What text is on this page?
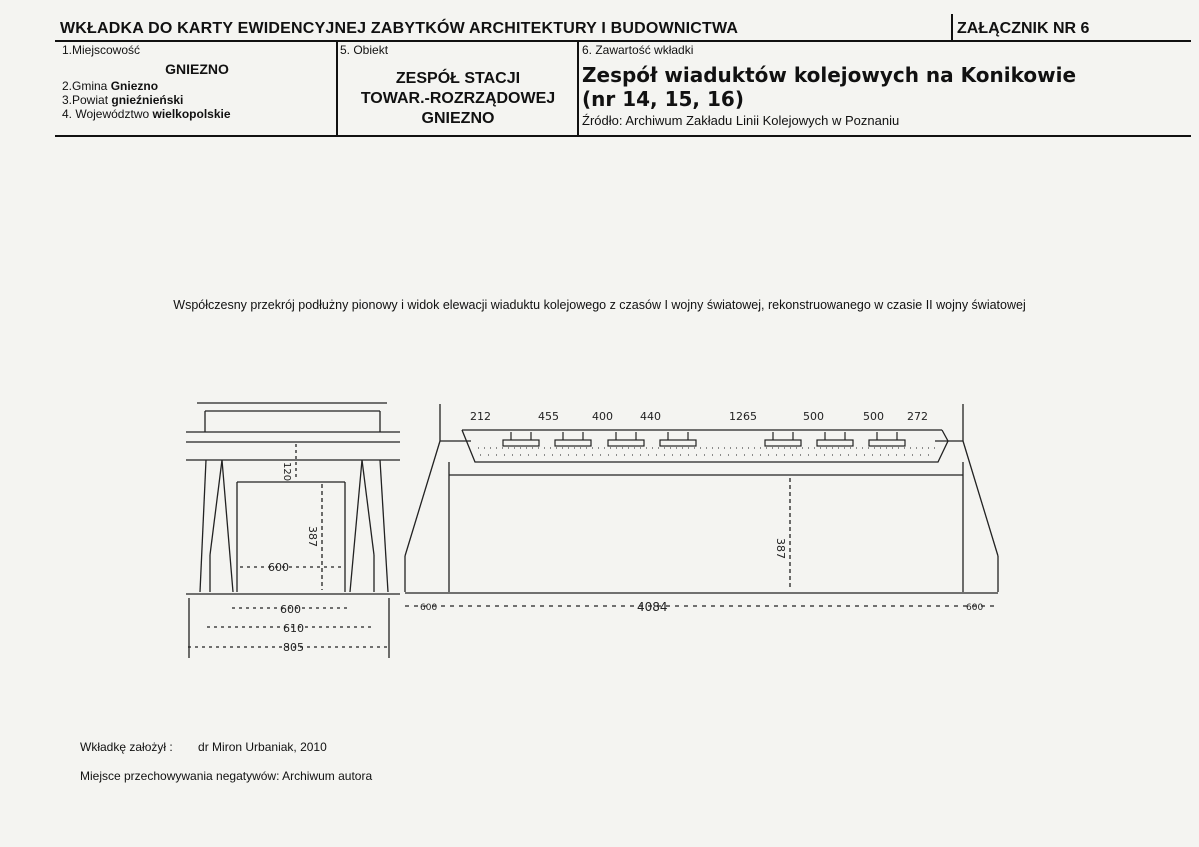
WKŁADKA DO KARTY EWIDENCYJNEJ ZABYTKÓW ARCHITEKTURY I BUDOWNICTWA	ZAŁĄCZNIK NR 6
1.Miejscowość
GNIEZNO
2.Gmina Gniezno
3.Powiat gnieźnieński
4. Województwo wielkopolskie
5. Obiekt
ZESPÓŁ STACJI
TOWAR.-ROZRZĄDOWEJ
GNIEZNO
6. Zawartość wkładki
Zespół wiaduktów kolejowych na Konikowie
(nr 14, 15, 16)
Źródło: Archiwum Zakładu Linii Kolejowych w Poznaniu
Współczesny przekrój podłużny pionowy i widok elewacji wiaduktu kolejowego z czasów I wojny światowej, rekonstruowanego w czasie II wojny światowej
120
387
600
600
610
805
212	455	400 440	1265	500	500 272
387
600	4084	600
Wkładkę założył : dr Miron Urbaniak, 2010
Miejsce przechowywania negatywów: Archiwum autora
